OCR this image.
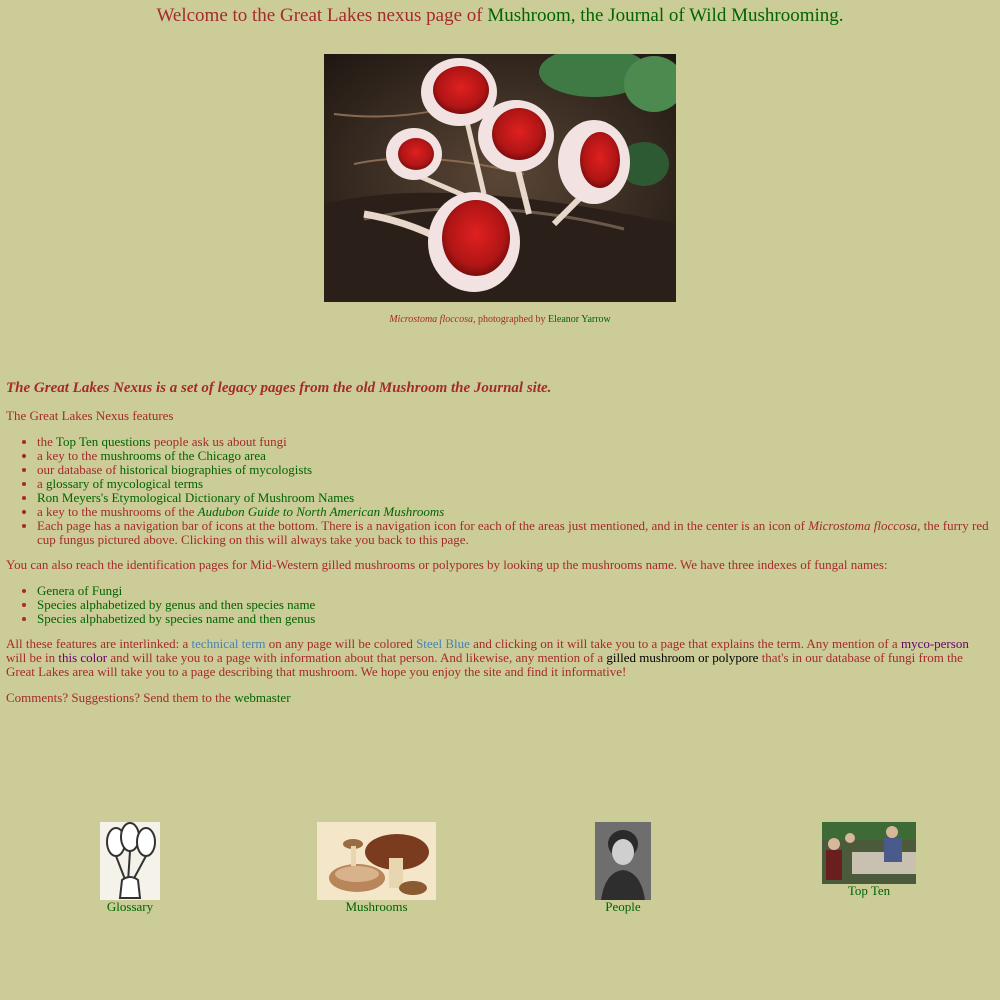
Welcome to the Great Lakes nexus page of Mushroom, the Journal of Wild Mushrooming.
Microstoma floccosa, photographed by Eleanor Yarrow
The Great Lakes Nexus is a set of legacy pages from the old Mushroom the Journal site.

The Great Lakes Nexus features

• the Top Ten questions people ask us about fungi
• a key to the mushrooms of the Chicago area
• our database of historical biographies of mycologists
• a glossary of mycological terms
• Ron Meyers's Etymological Dictionary of Mushroom Names
• a key to the mushrooms of the Audubon Guide to North American Mushrooms
• Each page has a navigation bar of icons at the bottom. There is a navigation icon for each of the areas just mentioned, and in the center is an icon of Microstoma floccosa, the furry red cup fungus pictured above. Clicking on this will always take you back to this page.

You can also reach the identification pages for Mid-Western gilled mushrooms or polypores by looking up the mushrooms name. We have three indexes of fungal names:

• Genera of Fungi
• Species alphabetized by genus and then species name
• Species alphabetized by species name and then genus

All these features are interlinked: a technical term on any page will be colored Steel Blue and clicking on it will take you to a page that explains the term. Any mention of a myco-person will be in this color and will take you to a page with information about that person. And likewise, any mention of a gilled mushroom or polypore that's in our database of fungi from the Great Lakes area will take you to a page describing that mushroom. We hope you enjoy the site and find it informative!

Comments? Suggestions? Send them to the webmaster

Glossary	Mushrooms	People
Top Ten
